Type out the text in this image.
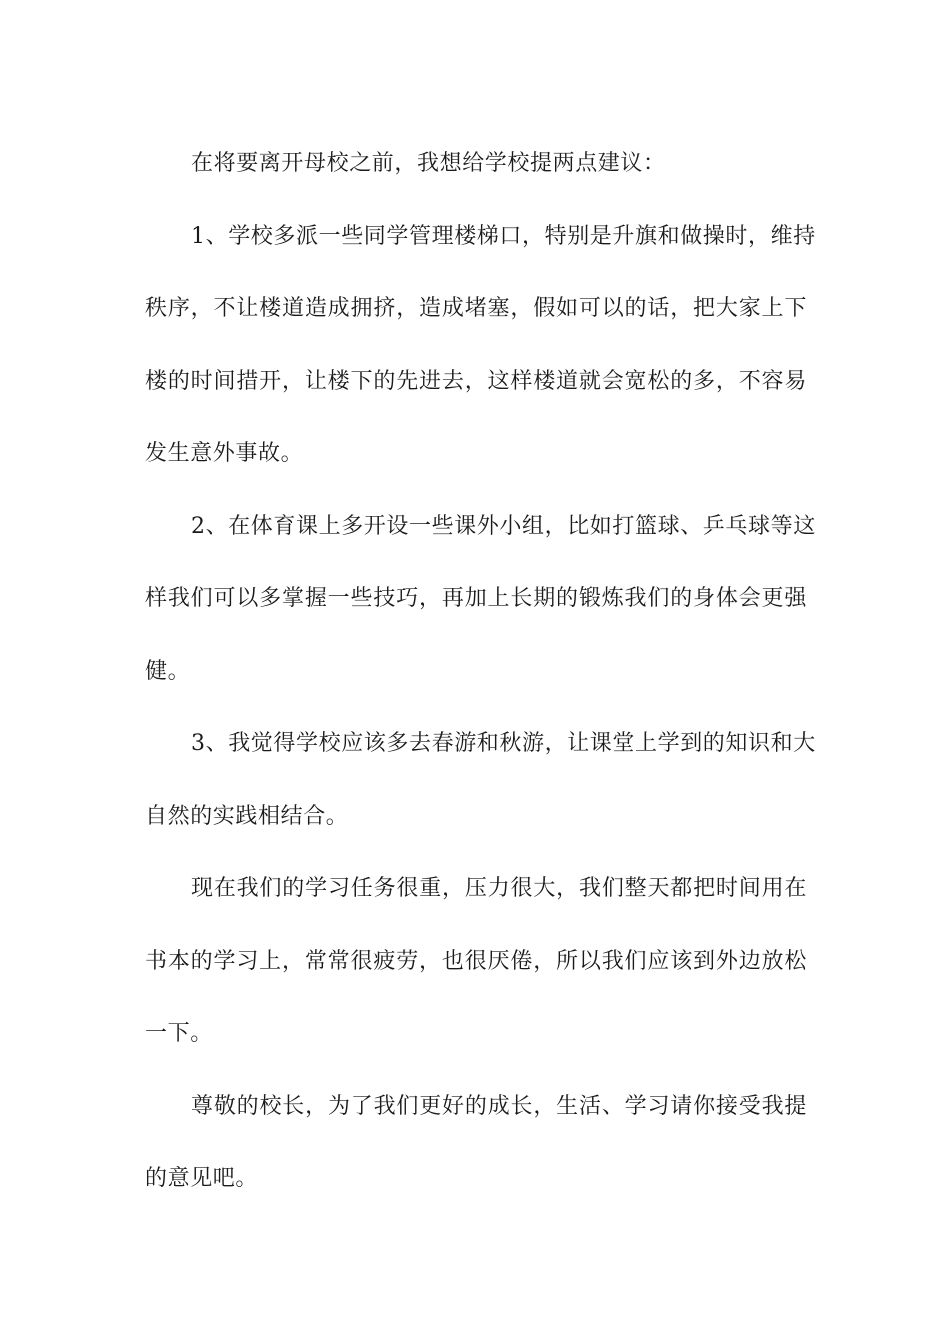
在将要离开母校之前，我想给学校提两点建议：
1、学校多派一些同学管理楼梯口，特别是升旗和做操时，维持
秩序，不让楼道造成拥挤，造成堵塞，假如可以的话，把大家上下
楼的时间措开，让楼下的先进去，这样楼道就会宽松的多，不容易
发生意外事故。
2、在体育课上多开设一些课外小组，比如打篮球、乒乓球等这
样我们可以多掌握一些技巧，再加上长期的锻炼我们的身体会更强
健。
3、我觉得学校应该多去春游和秋游，让课堂上学到的知识和大
自然的实践相结合。
现在我们的学习任务很重，压力很大，我们整天都把时间用在
书本的学习上，常常很疲劳，也很厌倦，所以我们应该到外边放松
一下。
尊敬的校长，为了我们更好的成长，生活、学习请你接受我提
的意见吧。
